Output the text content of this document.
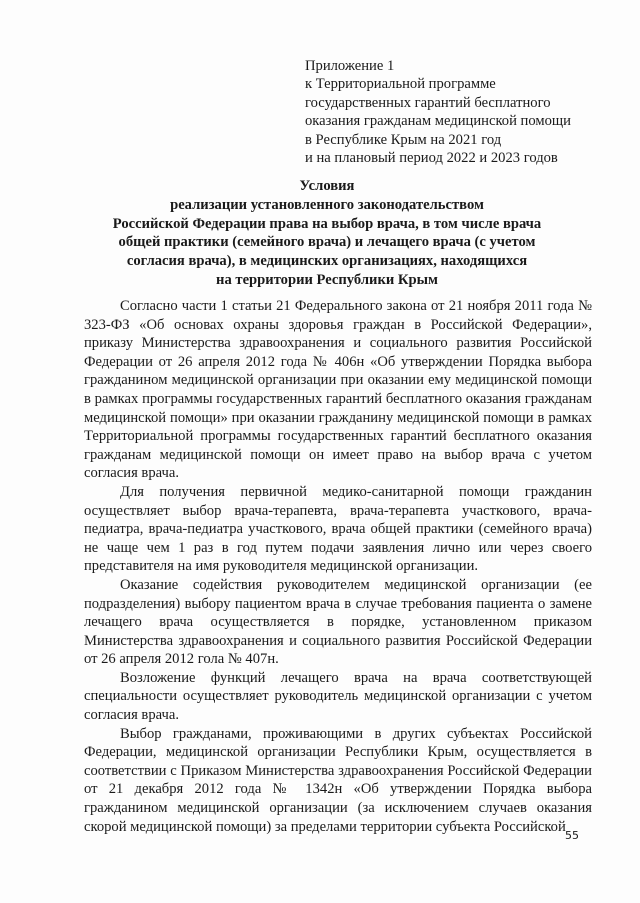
Приложение 1
к Территориальной программе
государственных гарантий бесплатного
оказания гражданам медицинской помощи
в Республике Крым на 2021 год
и на плановый период 2022 и 2023 годов
Условия
реализации установленного законодательством
Российской Федерации права на выбор врача, в том числе врача
общей практики (семейного врача) и лечащего врача (с учетом
согласия врача), в медицинских организациях, находящихся
на территории Республики Крым

Согласно части 1 статьи 21 Федерального закона от 21 ноября 2011 года № 323-ФЗ «Об основах охраны здоровья граждан в Российской Федерации», приказу Министерства здравоохранения и социального развития Российской Федерации от 26 апреля 2012 года № 406н «Об утверждении Порядка выбора гражданином медицинской организации при оказании ему медицинской помощи в рамках программы государственных гарантий бесплатного оказания гражданам медицинской помощи» при оказании гражданину медицинской помощи в рамках Территориальной программы государственных гарантий бесплатного оказания гражданам медицинской помощи он имеет право на выбор врача с учетом согласия врача.

Для получения первичной медико-санитарной помощи гражданин осуществляет выбор врача-терапевта, врача-терапевта участкового, врача-педиатра, врача-педиатра участкового, врача общей практики (семейного врача) не чаще чем 1 раз в год путем подачи заявления лично или через своего представителя на имя руководителя медицинской организации.

Оказание содействия руководителем медицинской организации (ее подразделения) выбору пациентом врача в случае требования пациента о замене лечащего врача осуществляется в порядке, установленном приказом Министерства здравоохранения и социального развития Российской Федерации от 26 апреля 2012 гола № 407н.

Возложение функций лечащего врача на врача соответствующей специальности осуществляет руководитель медицинской организации с учетом согласия врача.

Выбор гражданами, проживающими в других субъектах Российской Федерации, медицинской организации Республики Крым, осуществляется в соответствии с Приказом Министерства здравоохранения Российской Федерации от 21 декабря 2012 года № 1342н «Об утверждении Порядка выбора гражданином медицинской организации (за исключением случаев оказания скорой медицинской помощи) за пределами территории субъекта Российской

55
